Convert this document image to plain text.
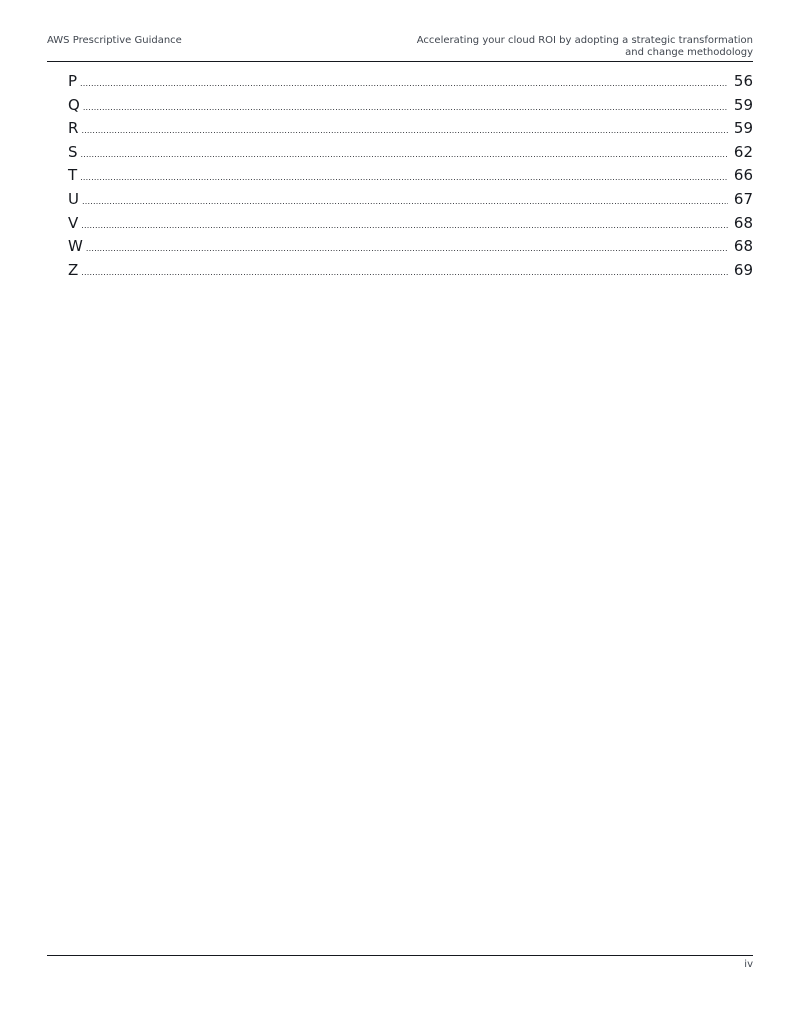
AWS Prescriptive Guidance	Accelerating your cloud ROI by adopting a strategic transformation
and change methodology
P .....	56
Q .....	59
R .....	59
S .....	62
T .....	66
U .....	67
V .....	68
W .....	68
Z .....	69
iv
